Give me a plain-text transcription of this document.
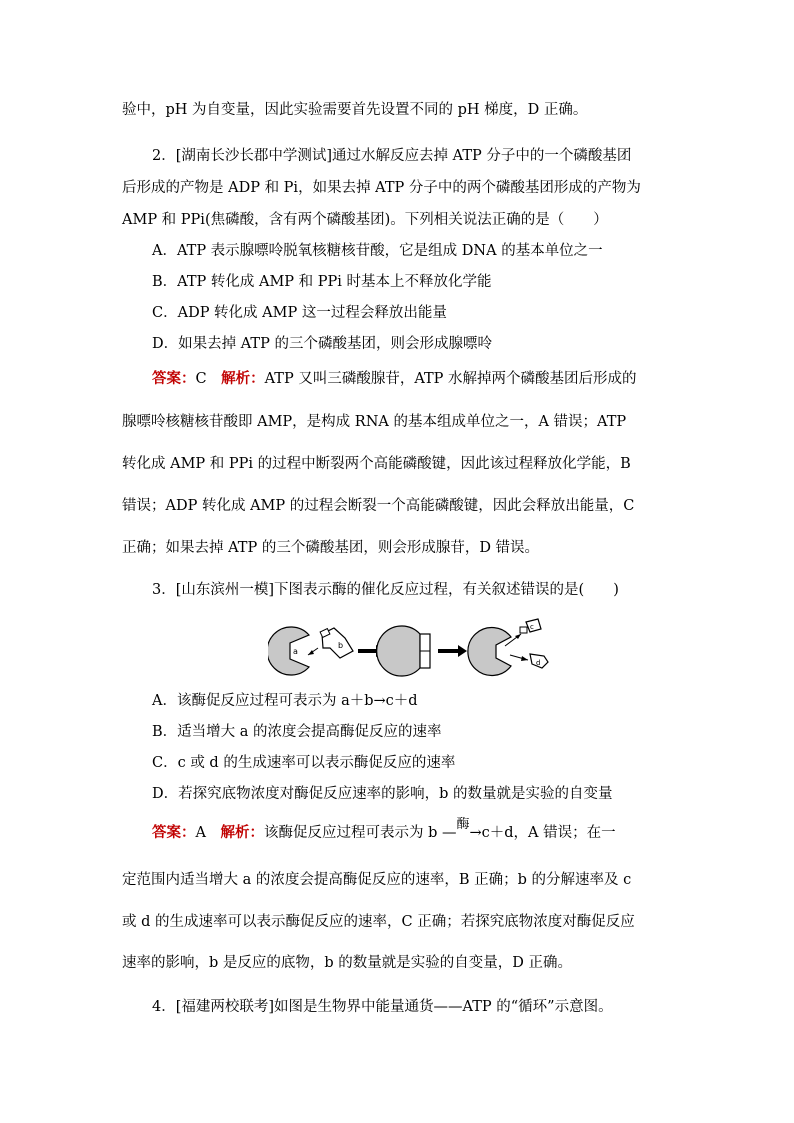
验中，pH 为自变量，因此实验需要首先设置不同的 pH 梯度，D 正确。
2．[湖南长沙长郡中学测试]通过水解反应去掉 ATP 分子中的一个磷酸基团
后形成的产物是 ADP 和 Pi，如果去掉 ATP 分子中的两个磷酸基团形成的产物为
AMP 和 PPi(焦磷酸，含有两个磷酸基团)。下列相关说法正确的是（　　）
A．ATP 表示腺嘌呤脱氧核糖核苷酸，它是组成 DNA 的基本单位之一
B．ATP 转化成 AMP 和 PPi 时基本上不释放化学能
C．ADP 转化成 AMP 这一过程会释放出能量
D．如果去掉 ATP 的三个磷酸基团，则会形成腺嘌呤
答案：C　解析：ATP 又叫三磷酸腺苷，ATP 水解掉两个磷酸基团后形成的
腺嘌呤核糖核苷酸即 AMP，是构成 RNA 的基本组成单位之一，A 错误；ATP
转化成 AMP 和 PPi 的过程中断裂两个高能磷酸键，因此该过程释放化学能，B
错误；ADP 转化成 AMP 的过程会断裂一个高能磷酸键，因此会释放出能量，C
正确；如果去掉 ATP 的三个磷酸基团，则会形成腺苷，D 错误。
3．[山东滨州一模]下图表示酶的催化反应过程，有关叙述错误的是(　　)
a
b
c
d
A．该酶促反应过程可表示为 a＋b→c＋d
B．适当增大 a 的浓度会提高酶促反应的速率
C．c 或 d 的生成速率可以表示酶促反应的速率
D．若探究底物浓度对酶促反应速率的影响，b 的数量就是实验的自变量
答案：A　解析：该酶促反应过程可表示为 b —酶→c＋d，A 错误；在一
定范围内适当增大 a 的浓度会提高酶促反应的速率，B 正确；b 的分解速率及 c
或 d 的生成速率可以表示酶促反应的速率，C 正确；若探究底物浓度对酶促反应
速率的影响，b 是反应的底物，b 的数量就是实验的自变量，D 正确。
4．[福建两校联考]如图是生物界中能量通货——ATP 的“循环”示意图。
